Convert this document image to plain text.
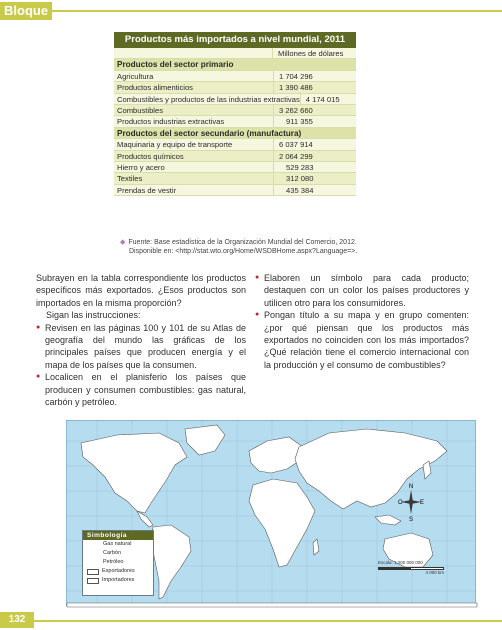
Bloque IV
Productos más importados a nivel mundial, 2011
Millones de dólares
Productos del sector primario
Agricultura	1 704 296
Productos alimenticios	1 390 486
Combustibles y productos de las industrias extractivas 4 174 015
Combustibles	3 262 660
Productos industrias extractivas	911 355
Productos del sector secundario (manufactura)
Maquinaria y equipo de transporte	6 037 914
Productos químicos	2 064 299
Hierro y acero	529 283
Textiles	312 080
Prendas de vestir	435 384
◆ Fuente: Base estadística de la Organización Mundial del Comercio, 2012.
Disponible en: <http://stat.wto.org/Home/WSDBHome.aspx?Language=>.

Subrayen en la tabla correspondiente los productos específicos más exportados. ¿Esos productos son importados en la misma proporción?

Sigan las instrucciones:

● Revisen en las páginas 100 y 101 de su Atlas de geografía del mundo las gráficas de los principales países que producen energía y el mapa de los países que la consumen.
● Localicen en el planisferio los países que producen y consumen combustibles: gas natural, carbón y petróleo.
● Elaboren un símbolo para cada producto; destaquen con un color los países productores y utilicen otro para los consumidores.
● Pongan título a su mapa y en grupo comenten: ¿por qué piensan que los productos más exportados no coinciden con los más importados? ¿Qué relación tiene el comercio internacional con la producción y el consumo de combustibles?
Simbología
Gas natural
Carbón
Petróleo
Exportadores
Importadores
N
S
O	E
Escala: 1:200 000 000
4 000 km
132
